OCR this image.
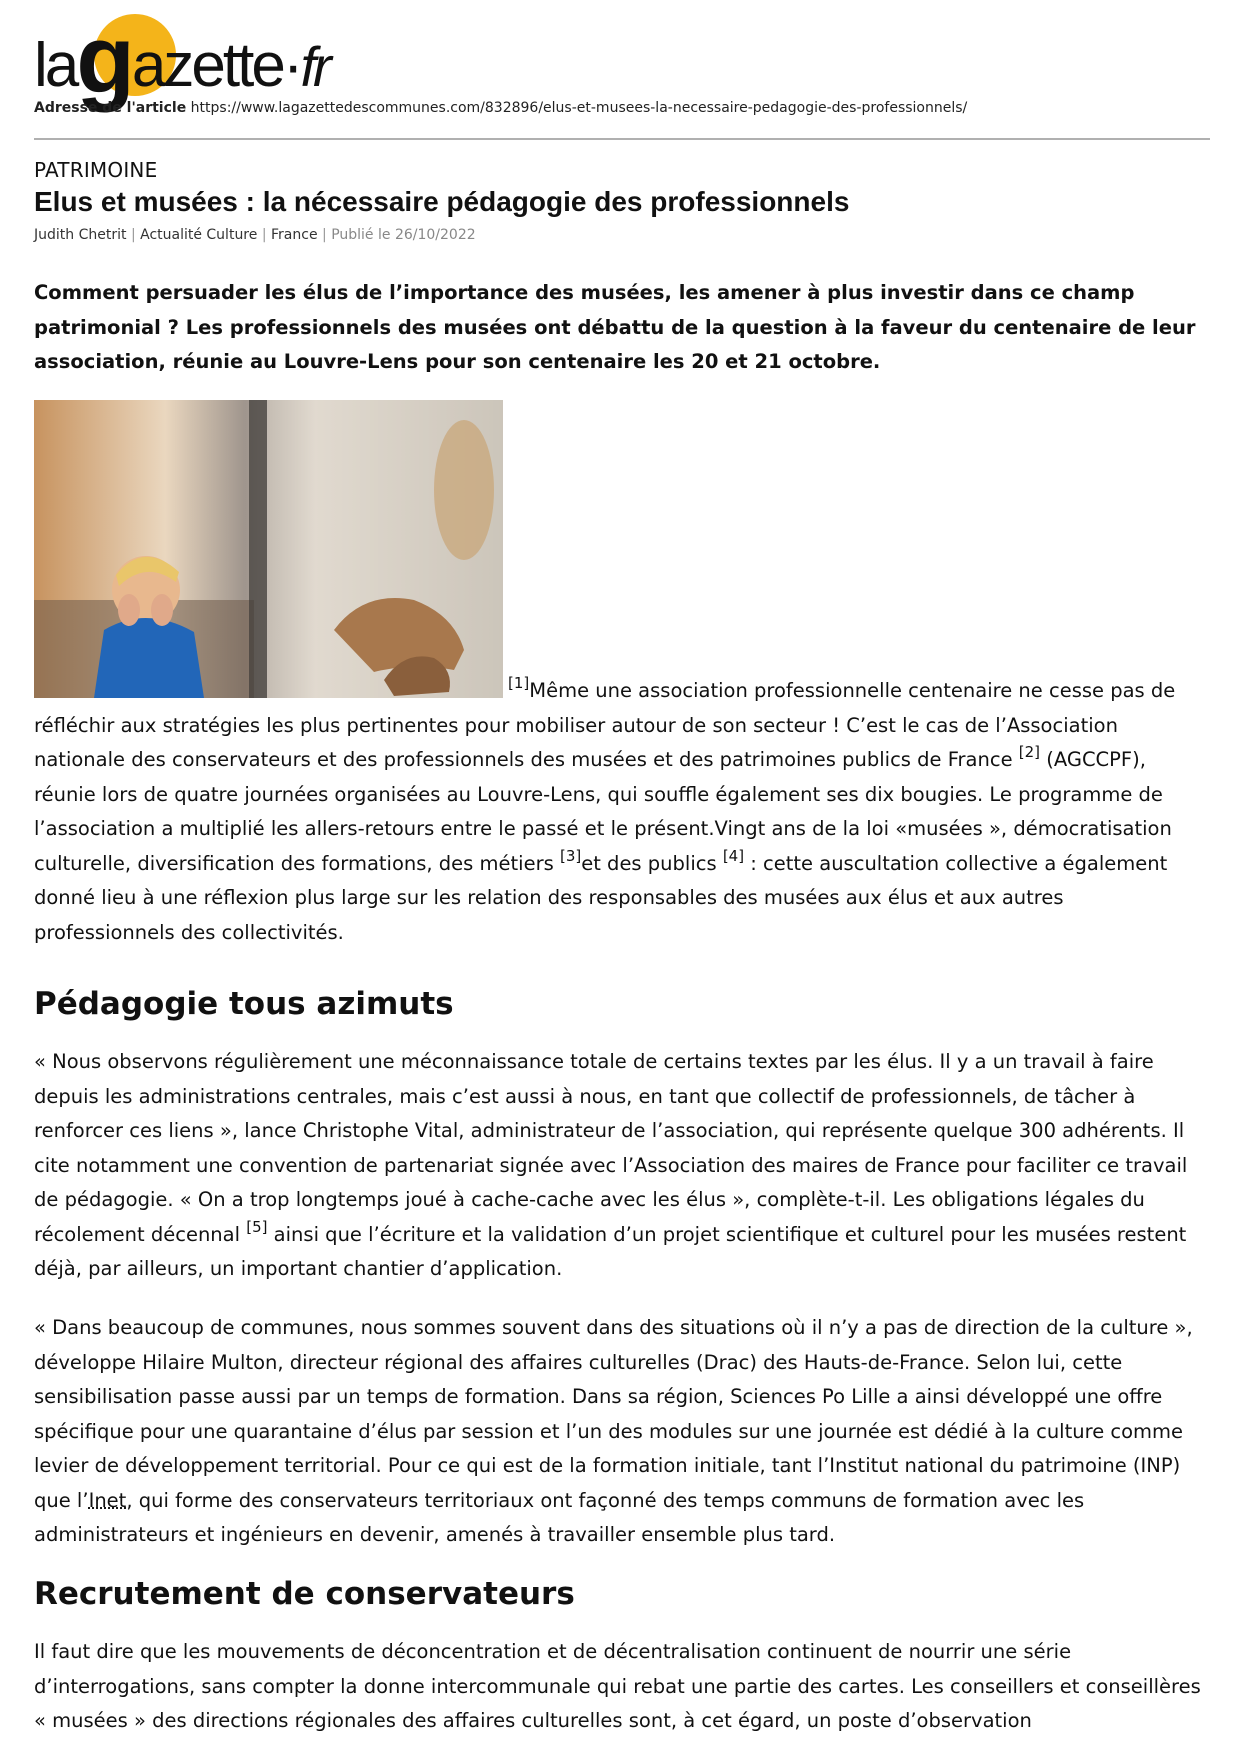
lagazette·fr
Adresse de l'article https://www.lagazettedescommunes.com/832896/elus-et-musees-la-necessaire-pedagogie-des-professionnels/
PATRIMOINE
Elus et musées : la nécessaire pédagogie des professionnels
Judith Chetrit | Actualité Culture | France | Publié le 26/10/2022

Comment persuader les élus de l’importance des musées, les amener à plus investir dans ce champ patrimonial ? Les professionnels des musées ont débattu de la question à la faveur du centenaire de leur association, réunie au Louvre-Lens pour son centenaire les 20 et 21 octobre.

[1]Même une association professionnelle centenaire ne cesse pas de réfléchir aux stratégies les plus pertinentes pour mobiliser autour de son secteur ! C’est le cas de l’Association nationale des conservateurs et des professionnels des musées et des patrimoines publics de France [2] (AGCCPF), réunie lors de quatre journées organisées au Louvre-Lens, qui souffle également ses dix bougies. Le programme de l’association a multiplié les allers-retours entre le passé et le présent.Vingt ans de la loi «musées », démocratisation culturelle, diversification des formations, des métiers [3]et des publics [4] : cette auscultation collective a également donné lieu à une réflexion plus large sur les relation des responsables des musées aux élus et aux autres professionnels des collectivités.

Pédagogie tous azimuts

« Nous observons régulièrement une méconnaissance totale de certains textes par les élus. Il y a un travail à faire depuis les administrations centrales, mais c’est aussi à nous, en tant que collectif de professionnels, de tâcher à renforcer ces liens », lance Christophe Vital, administrateur de l’association, qui représente quelque 300 adhérents. Il cite notamment une convention de partenariat signée avec l’Association des maires de France pour faciliter ce travail de pédagogie. « On a trop longtemps joué à cache-cache avec les élus », complète-t-il. Les obligations légales du récolement décennal [5] ainsi que l’écriture et la validation d’un projet scientifique et culturel pour les musées restent déjà, par ailleurs, un important chantier d’application.

« Dans beaucoup de communes, nous sommes souvent dans des situations où il n’y a pas de direction de la culture », développe Hilaire Multon, directeur régional des affaires culturelles (Drac) des Hauts-de-France. Selon lui, cette sensibilisation passe aussi par un temps de formation. Dans sa région, Sciences Po Lille a ainsi développé une offre spécifique pour une quarantaine d’élus par session et l’un des modules sur une journée est dédié à la culture comme levier de développement territorial. Pour ce qui est de la formation initiale, tant l’Institut national du patrimoine (INP) que l’Inet, qui forme des conservateurs territoriaux ont façonné des temps communs de formation avec les administrateurs et ingénieurs en devenir, amenés à travailler ensemble plus tard.

Recrutement de conservateurs

Il faut dire que les mouvements de déconcentration et de décentralisation continuent de nourrir une série d’interrogations, sans compter la donne intercommunale qui rebat une partie des cartes. Les conseillers et conseillères « musées » des directions régionales des affaires culturelles sont, à cet égard, un poste d’observation
